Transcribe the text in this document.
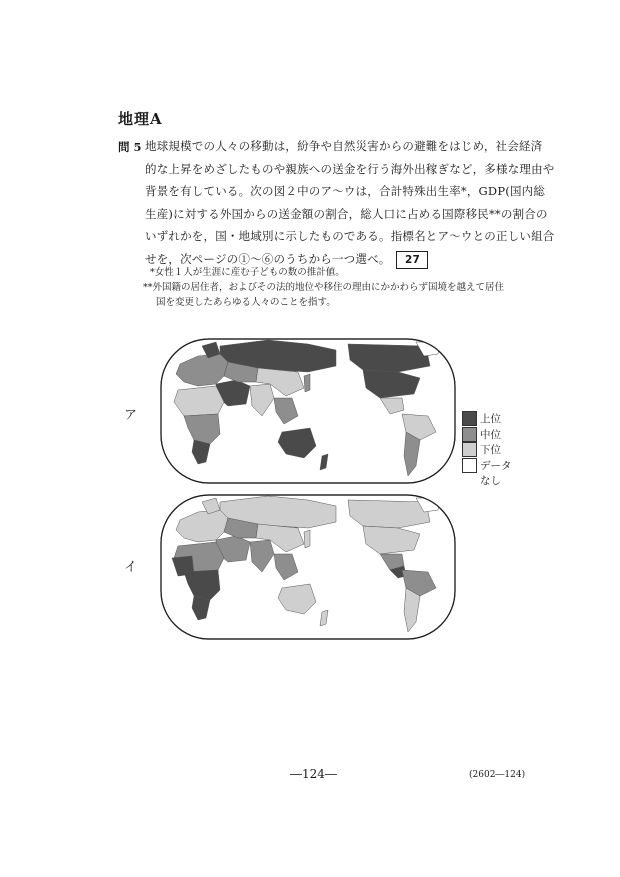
地理A
問 5 地球規模での人々の移動は，紛争や自然災害からの避難をはじめ，社会経済
的な上昇をめざしたものや親族への送金を行う海外出稼ぎなど，多様な理由や
背景を有している。次の図２中のア～ウは，合計特殊出生率*，GDP(国内総
生産)に対する外国からの送金額の割合，総人口に占める国際移民**の割合の
いずれかを，国・地域別に示したものである。指標名とア～ウとの正しい組合
せを，次ページの①～⑥のうちから一つ選べ。 27
*女性１人が生涯に産む子どもの数の推計値。
**外国籍の居住者，およびその法的地位や移住の理由にかかわらず国境を越えて居住
国を変更したあらゆる人々のことを指す。
ア
イ
上位
中位
下位
データ
なし
―124―	(2602―124)
